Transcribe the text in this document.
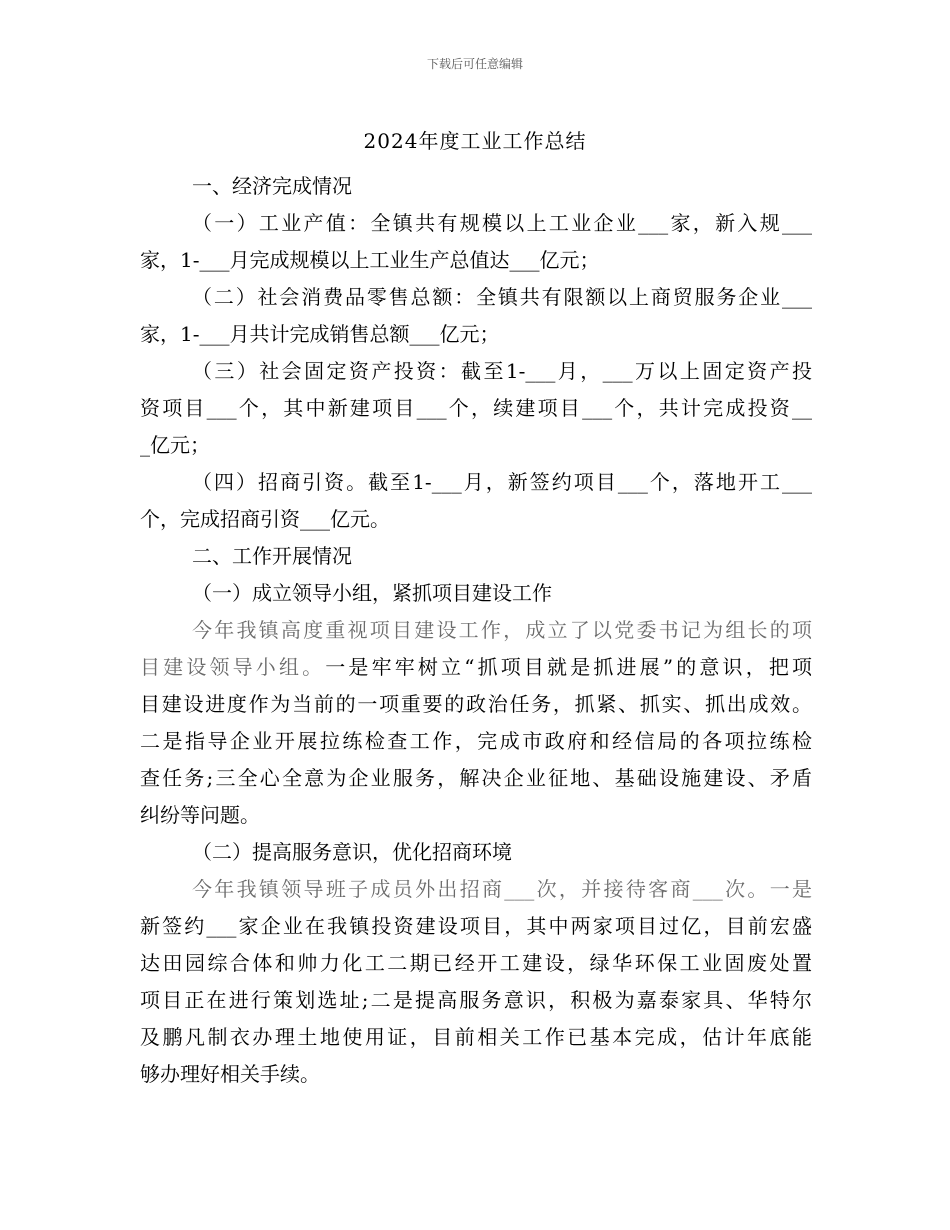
下载后可任意编辑
2024年度工业工作总结
一、经济完成情况
（一）工业产值：全镇共有规模以上工业企业___家，新入规___
家，1-___月完成规模以上工业生产总值达___亿元；
（二）社会消费品零售总额：全镇共有限额以上商贸服务企业___
家，1-___月共计完成销售总额___亿元；
（三）社会固定资产投资：截至1-___月，___万以上固定资产投
资项目___个，其中新建项目___个，续建项目___个，共计完成投资__
_亿元；
（四）招商引资。截至1-___月，新签约项目___个，落地开工___
个，完成招商引资___亿元。
二、工作开展情况
（一）成立领导小组，紧抓项目建设工作
今年我镇高度重视项目建设工作，成立了以党委书记为组长的项
目建设领导小组。一是牢牢树立“抓项目就是抓进展”的意识，把项
目建设进度作为当前的一项重要的政治任务，抓紧、抓实、抓出成效。
二是指导企业开展拉练检查工作，完成市政府和经信局的各项拉练检
查任务;三全心全意为企业服务，解决企业征地、基础设施建设、矛盾
纠纷等问题。
（二）提高服务意识，优化招商环境
今年我镇领导班子成员外出招商___次，并接待客商___次。一是
新签约___家企业在我镇投资建设项目，其中两家项目过亿，目前宏盛
达田园综合体和帅力化工二期已经开工建设，绿华环保工业固废处置
项目正在进行策划选址;二是提高服务意识，积极为嘉泰家具、华特尔
及鹏凡制衣办理土地使用证，目前相关工作已基本完成，估计年底能
够办理好相关手续。
